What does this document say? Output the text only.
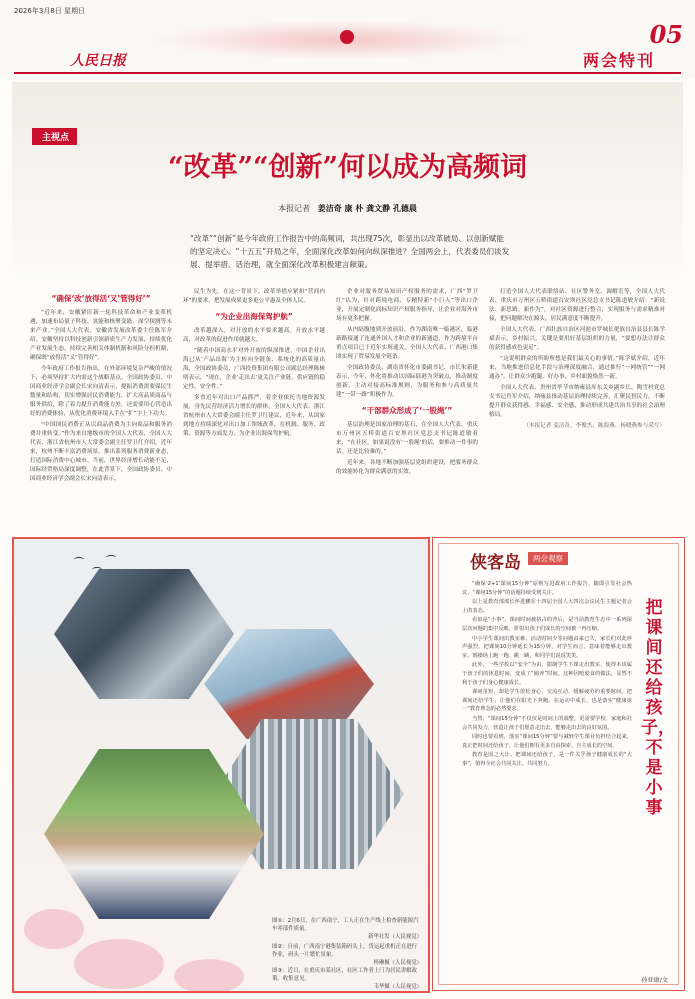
2026年3月8日 星期日
人民日报
05
两会特刊
主视点
“改革”“创新”何以成为高频词
本报记者 姜洁奇 康 朴 龚文静 孔德晨
“改革”“创新”是今年政府工作报告中的高频词，共出现75次，彰显出以改革破局、以创新赋能的坚定决心。“十五五”开局之年，全面深化改革如何向纵深推进？全国两会上，代表委员们谈发展、提举措、话治理，就全面深化改革积极建言献策。
“确保‘改’放得活‘又’管得好’”

“近年来，安徽紧盯新一轮科技革命和产业变革机遇，加速布局量子科技、氢能和核聚变能、深空探测等未来产业。”全国人大代表、安徽省发展改革委主任陈军介绍，安徽坚持以科技创新引领新质生产力发展，持续优化产业发展生态，持续完善相关体制机制和风险分担机制，确保既“放得活”又“管得好”。

今年政府工作报告指出，在外部环境复杂严峻的情况下，必须坚持扩大内需这个战略基点。全国政协委员、中国商业经济学会副会长宋向清表示，提振消费需要保民生数量和结构，切实增强居民消费能力，扩大高品质商品与服务供给，除了着力提升消费能力外，还需要用心营造出好的消费体验，从优化消费环境入手在“扩”字上下功夫。

“中国国民消费正从以商品消费为主向商品和服务消费并重转变。”作为来自地级市的全国人大代表，全国人大代表、浙江省杭州市人大常委会副主任罗卫红介绍，近年来，杭州不断丰富消费场景，推出系列服务消费新业态，打造国际消费中心城市。当前，世界经济增长动能不足，国际经贸格局深度调整，在此背景下，全国政协委员、中国商业经济学会副会长宋向清表示。

民生为先。在这一背景下，改革举措应紧扣“营商内环”的要求，把发展成果更多更公平惠及全体人民。

“为企业出海保驾护航”

改革越深入，对开放的水平要求越高。开放水平越高，对改革的促进作用就越大。

“随着中国高水平对外开放的纵深推进，中国企业出海已从‘产品出海’为主转向全链条、系统化的高质量出海，全国政协委员、广西投资集团有限公司副总经理陈树明表示，“现在，企业‘走出去’更关注产业链、供应链的稳定性，安全性。”

多省近年对出口产品抓严，着企业依托当地资源发展，身先民营经济活力增长的群体，全国人大代表、浙江省杭州市人大常委会副主任罗卫红建议，近年来，从国家到地方持续深化对出口加工领域改革，在机制、服务、政策、资源等方面发力，为企业出海保驾护航。

企业对服务贸易知识产权服务的需求，广西“罗卫红”认为，针对跨境电商、专精特新“小巨人”等出口企业，开展定制化商标知识产权服务指导，让企业对海外市场有更多把握。

从内陆腹地到开放前沿，作为湖南唯一临港区，临港新路接通了连通外国人才和企业的新通道，作为跨境平台重点项目已于近年实现通关，全国人大代表、广西港口集团实现了贸易发展全链条。

全国政协委员、湖南省怀化市委副书记、市长朱新建表示，今年，怀化将推动以国际陆港为突破点，推动制度创新，主动对接高标准规则，为服务和参与高质量共建“一带一路”积极作为。

“干部群众形成了‘一股绳’”

基层治理是国家治理的基石，在全国人大代表、重庆市万州区五桥街道百安坝社区党总支书记陈道敏看来，“在社区，如果说没有‘一股绳’的话，要推动一件事的话，还是比较难的。”

近年来，各地不断加强基层党组织建设，把服务群众的效能转化为群众满意的实效。

打造全国人大代表联络站、社区警务室、调解室等，全国人大代表、重庆市万州区五桥街道百安坝社区党总支书记陈道敏介绍：“新说法、新思路、新作为”，对社区资源进行整合，实现服务与需求精准对接，把问题解决在源头，居民满意度不断提升。

全国人大代表、广西壮族自治区河池市罗城仫佬族自治县县长陈学斌表示，乡村振兴，关键是要用好基层组织的力量，“要想办法让群众的获得感成色更足”。

“这说明群众的所盼所想是我们最关心的事情。”陈学斌介绍，近年来，当地推进信息化手段与治理深度融合，通过推行“一网统管”“一网通办”，让群众少跑腿、好办事，乡村面貌焕然一新。

全国人大代表、贵州省毕节市纳雍县厍东关乡副乡长、陶雪村党总支书记肖军介绍，纳雍县推动基层治理持续完善，汇聚民智民力，不断提升群众获得感、幸福感、安全感，推动形成共建共治共享的社会治理格局。

（本报记者 姜洁奇、李俊杰、陈海燕、杨晓燕参与采写）

图①：2月6日，在广西南宁，工人正在生产线上检查新能源汽车零部件质量。
新华社发（人民视觉）
图②：日前，广西南宁港集装箱码头上，货运起重机正在进行作业，码头一片繁忙景象。
杨琳摄（人民视觉）
图③：近日，在重庆市某社区，社区工作者上门为居民讲解政策、收集意见。
韦华摄（人民视觉）
侠客岛	两会观察
把课间还给孩子，不是小事

“确保‘2+1’课间15分钟”原则写进政府工作报告，随即引发社会热议，“课间15分钟”的话题持续受到关注。

以上是教育部部长怀进鹏在十四届全国人大四次会议民生主题记者会上的表态。

看似是“小事”，课间时间被挤占的背后，是当前教育生态中一系列深层次问题的集中反映，折射出孩子们成长的空间被一再压缩。

中小学生课间出教室难、活动时间少等问题由来已久，家长们对此呼声强烈。把课间10分钟延长为15分钟，对学生而言，意味着能够走出教室，到操场上跑一跑、跳一跳，和同学们说说笑笑。

此外，一些学校以“安全”为由，限制学生下课走出教室，使得本该属于孩子们的休息时间，变成了“圈养”时间。这种因噎废食的做法，显然不利于孩子们身心健康成长。

课间虽短，却是学生放松身心、交流互动、缓解疲劳的重要时间。把课间还给学生，让他们在阳光下奔跑、在运动中成长，也是落实“健康第一”教育理念的必然要求。

当然，“课间15分钟”不仅仅是时间上的调整，更需要学校、家庭和社会共同发力，营造让孩子们愿意走出去、能够走出去的良好氛围。

同时也要看到，落实“课间15分钟”要与减轻学生课业负担结合起来，真正把时间还给孩子，让他们拥有更多自由探索、自主成长的空间。

教育是国之大计。把课间还给孩子，是一件关乎孩子健康成长的“大事”，值得全社会共同关注、共同努力。

孙亚康/文
